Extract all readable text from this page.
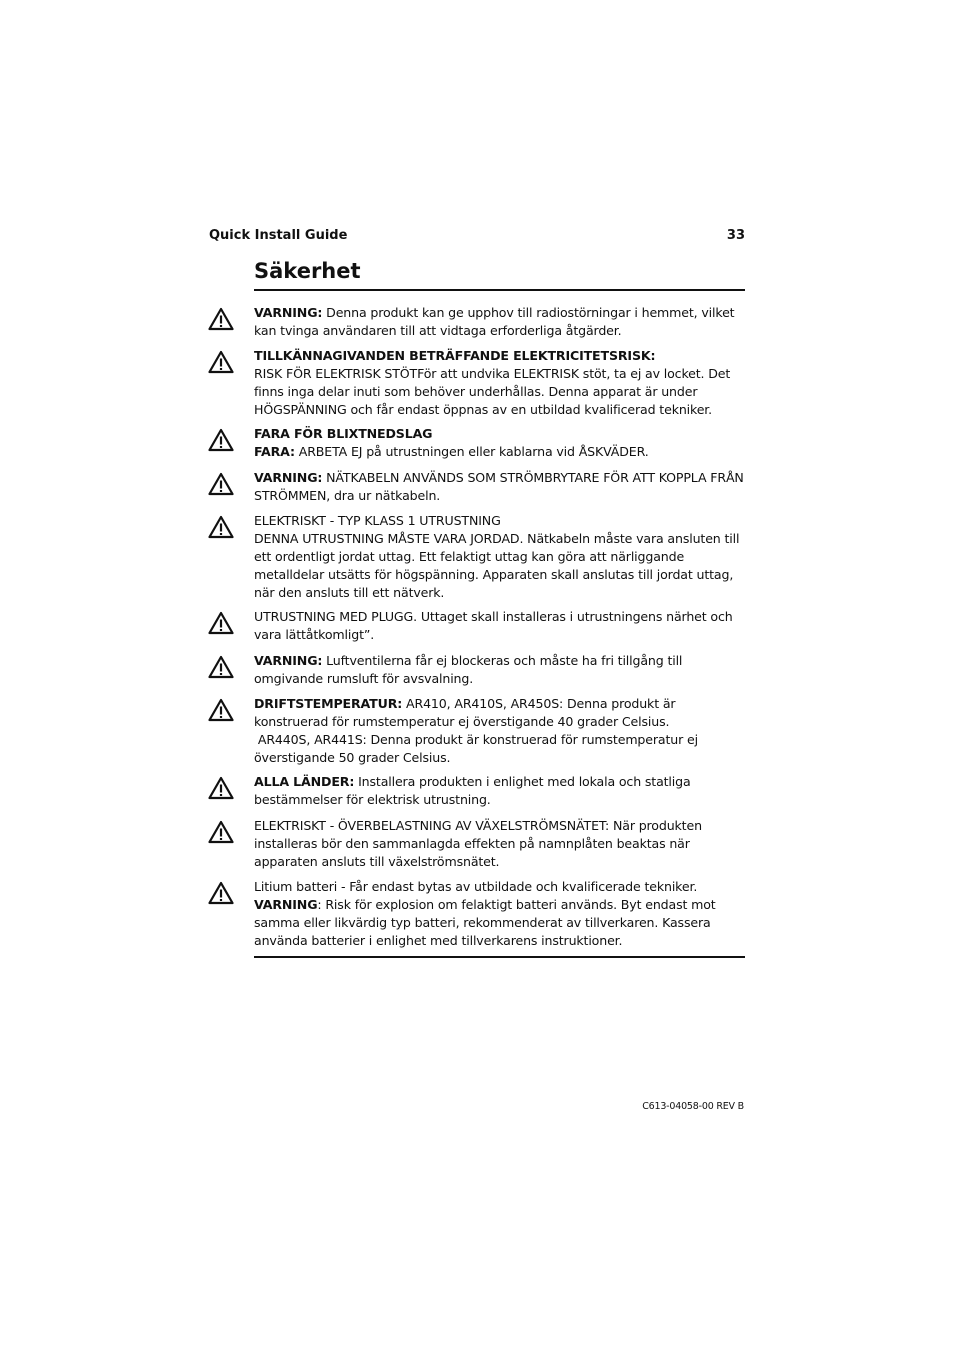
Quick Install Guide	33
Säkerhet
VARNING: Denna produkt kan ge upphov till radiostörningar i hemmet, vilket kan tvinga användaren till att vidtaga erforderliga åtgärder.
TILLKÄNNAGIVANDEN BETRÄFFANDE ELEKTRICITETSRISK:
RISK FÖR ELEKTRISK STÖTFör att undvika ELEKTRISK stöt, ta ej av locket. Det finns inga delar inuti som behöver underhållas. Denna apparat är under HÖGSPÄNNING och får endast öppnas av en utbildad kvalificerad tekniker.
FARA FÖR BLIXTNEDSLAG
FARA: ARBETA EJ på utrustningen eller kablarna vid ÅSKVÄDER.
VARNING: NÄTKABELN ANVÄNDS SOM STRÖMBRYTARE FÖR ATT KOPPLA FRÅN STRÖMMEN, dra ur nätkabeln.
ELEKTRISKT - TYP KLASS 1 UTRUSTNING
DENNA UTRUSTNING MÅSTE VARA JORDAD. Nätkabeln måste vara ansluten till ett ordentligt jordat uttag. Ett felaktigt uttag kan göra att närliggande metalldelar utsätts för högspänning. Apparaten skall anslutas till jordat uttag, när den ansluts till ett nätverk.
UTRUSTNING MED PLUGG. Uttaget skall installeras i utrustningens närhet och vara lättåtkomligt”.
VARNING: Luftventilerna får ej blockeras och måste ha fri tillgång till omgivande rumsluft för avsvalning.
DRIFTSTEMPERATUR: AR410, AR410S, AR450S: Denna produkt är konstruerad för rumstemperatur ej överstigande 40 grader Celsius.
AR440S, AR441S: Denna produkt är konstruerad för rumstemperatur ej överstigande 50 grader Celsius.
ALLA LÄNDER: Installera produkten i enlighet med lokala och statliga bestämmelser för elektrisk utrustning.
ELEKTRISKT - ÖVERBELASTNING AV VÄXELSTRÖMSNÄTET: När produkten installeras bör den sammanlagda effekten på namnplåten beaktas när apparaten ansluts till växelströmsnätet.
Litium batteri - Får endast bytas av utbildade och kvalificerade tekniker.
VARNING: Risk för explosion om felaktigt batteri används. Byt endast mot samma eller likvärdig typ batteri, rekommenderat av tillverkaren. Kassera använda batterier i enlighet med tillverkarens instruktioner.
C613-04058-00 REV B
